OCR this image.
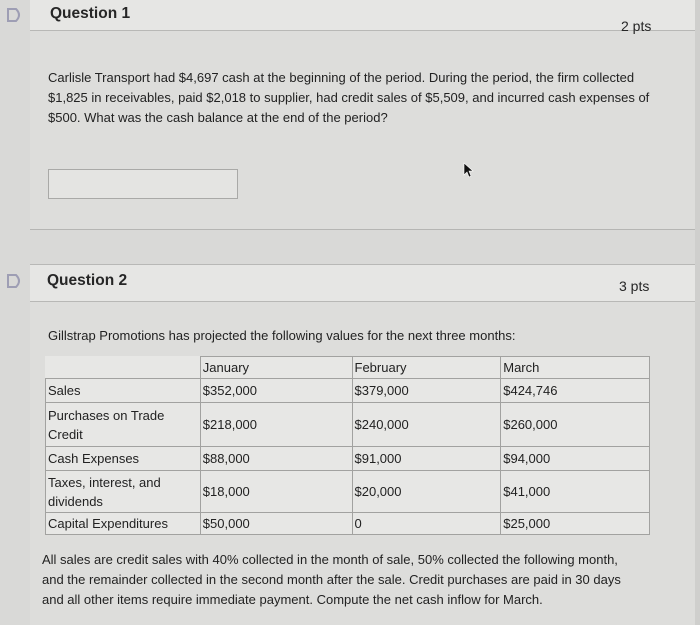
Question 1
2 pts
Carlisle Transport had $4,697 cash at the beginning of the period. During the period, the firm collected $1,825 in receivables, paid $2,018 to supplier, had credit sales of $5,509, and incurred cash expenses of $500. What was the cash balance at the end of the period?
Question 2	3 pts
Gillstrap Promotions has projected the following values for the next three months:
	January	February	March
Sales	$352,000	$379,000	$424,746
Purchases on Trade Credit	$218,000	$240,000	$260,000
Cash Expenses	$88,000	$91,000	$94,000
Taxes, interest, and dividends	$18,000	$20,000	$41,000
Capital Expenditures	$50,000	0	$25,000
All sales are credit sales with 40% collected in the month of sale, 50% collected the following month, and the remainder collected in the second month after the sale. Credit purchases are paid in 30 days and all other items require immediate payment. Compute the net cash inflow for March.
